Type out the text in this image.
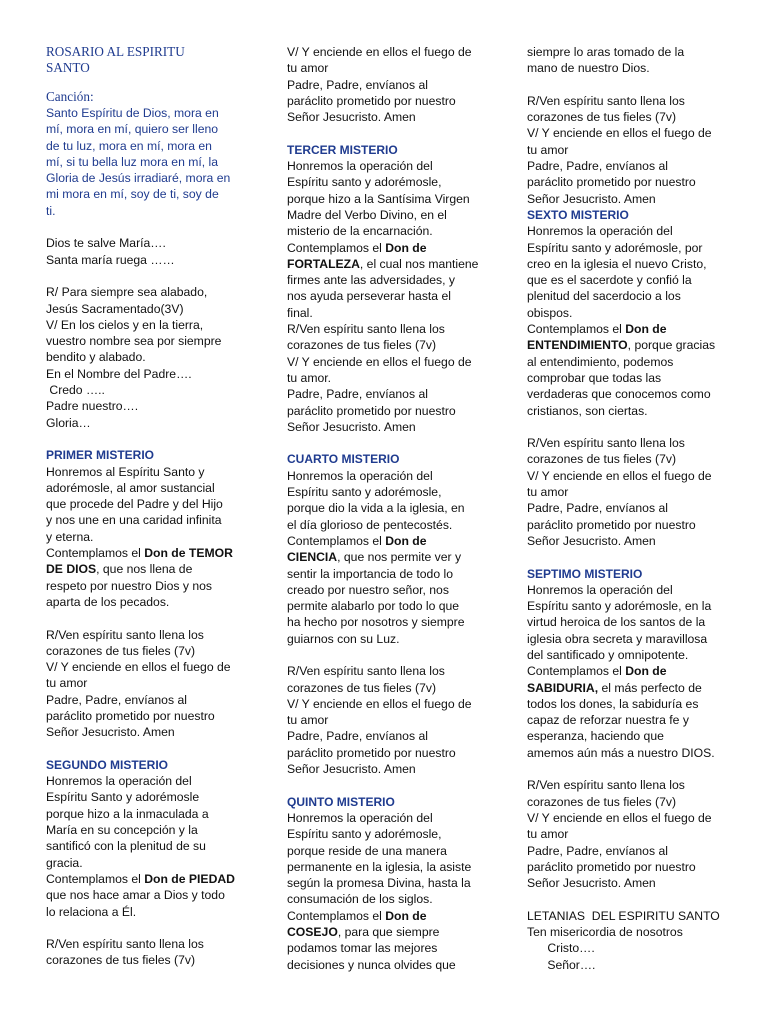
ROSARIO AL ESPIRITU
SANTO
Canción:
Santo Espíritu de Dios, mora en
mí, mora en mí, quiero ser lleno
de tu luz, mora en mí, mora en
mí, si tu bella luz mora en mí, la
Gloria de Jesús irradiaré, mora en
mi mora en mí, soy de ti, soy de
ti.
Dios te salve María….
Santa maría ruega ……
R/ Para siempre sea alabado,
Jesús Sacramentado(3V)
V/ En los cielos y en la tierra,
vuestro nombre sea por siempre
bendito y alabado.
En el Nombre del Padre….
Credo …..
Padre nuestro….
Gloria…
PRIMER MISTERIO
Honremos al Espíritu Santo y
adorémosle, al amor sustancial
que procede del Padre y del Hijo
y nos une en una caridad infinita
y eterna.
Contemplamos el Don de TEMOR
DE DIOS, que nos llena de
respeto por nuestro Dios y nos
aparta de los pecados.
R/Ven espíritu santo llena los
corazones de tus fieles (7v)
V/ Y enciende en ellos el fuego de
tu amor
Padre, Padre, envíanos al
paráclito prometido por nuestro
Señor Jesucristo. Amen
SEGUNDO MISTERIO
Honremos la operación del
Espíritu Santo y adorémosle
porque hizo a la inmaculada a
María en su concepción y la
santificó con la plenitud de su
gracia.
Contemplamos el Don de PIEDAD
que nos hace amar a Dios y todo
lo relaciona a Él.
R/Ven espíritu santo llena los
corazones de tus fieles (7v)
V/ Y enciende en ellos el fuego de
tu amor
Padre, Padre, envíanos al
paráclito prometido por nuestro
Señor Jesucristo. Amen
TERCER MISTERIO
Honremos la operación del
Espíritu santo y adorémosle,
porque hizo a la Santísima Virgen
Madre del Verbo Divino, en el
misterio de la encarnación.
Contemplamos el Don de
FORTALEZA, el cual nos mantiene
firmes ante las adversidades, y
nos ayuda perseverar hasta el
final.
R/Ven espíritu santo llena los
corazones de tus fieles (7v)
V/ Y enciende en ellos el fuego de
tu amor.
Padre, Padre, envíanos al
paráclito prometido por nuestro
Señor Jesucristo. Amen
CUARTO MISTERIO
Honremos la operación del
Espíritu santo y adorémosle,
porque dio la vida a la iglesia, en
el día glorioso de pentecostés.
Contemplamos el Don de
CIENCIA, que nos permite ver y
sentir la importancia de todo lo
creado por nuestro señor, nos
permite alabarlo por todo lo que
ha hecho por nosotros y siempre
guiarnos con su Luz.
R/Ven espíritu santo llena los
corazones de tus fieles (7v)
V/ Y enciende en ellos el fuego de
tu amor
Padre, Padre, envíanos al
paráclito prometido por nuestro
Señor Jesucristo. Amen
QUINTO MISTERIO
Honremos la operación del
Espíritu santo y adorémosle,
porque reside de una manera
permanente en la iglesia, la asiste
según la promesa Divina, hasta la
consumación de los siglos.
Contemplamos el Don de
COSEJO, para que siempre
podamos tomar las mejores
decisiones y nunca olvides que
siempre lo aras tomado de la
mano de nuestro Dios.
R/Ven espíritu santo llena los
corazones de tus fieles (7v)
V/ Y enciende en ellos el fuego de
tu amor
Padre, Padre, envíanos al
paráclito prometido por nuestro
Señor Jesucristo. Amen
SEXTO MISTERIO
Honremos la operación del
Espíritu santo y adorémosle, por
creo en la iglesia el nuevo Cristo,
que es el sacerdote y confió la
plenitud del sacerdocio a los
obispos.
Contemplamos el Don de
ENTENDIMIENTO, porque gracias
al entendimiento, podemos
comprobar que todas las
verdaderas que conocemos como
cristianos, son ciertas.
R/Ven espíritu santo llena los
corazones de tus fieles (7v)
V/ Y enciende en ellos el fuego de
tu amor
Padre, Padre, envíanos al
paráclito prometido por nuestro
Señor Jesucristo. Amen
SEPTIMO MISTERIO
Honremos la operación del
Espíritu santo y adorémosle, en la
virtud heroica de los santos de la
iglesia obra secreta y maravillosa
del santificado y omnipotente.
Contemplamos el Don de
SABIDURIA, el más perfecto de
todos los dones, la sabiduría es
capaz de reforzar nuestra fe y
esperanza, haciendo que
amemos aún más a nuestro DIOS.
R/Ven espíritu santo llena los
corazones de tus fieles (7v)
V/ Y enciende en ellos el fuego de
tu amor
Padre, Padre, envíanos al
paráclito prometido por nuestro
Señor Jesucristo. Amen
LETANIAS  DEL ESPIRITU SANTO
Ten misericordia de nosotros
Cristo….
Señor….
